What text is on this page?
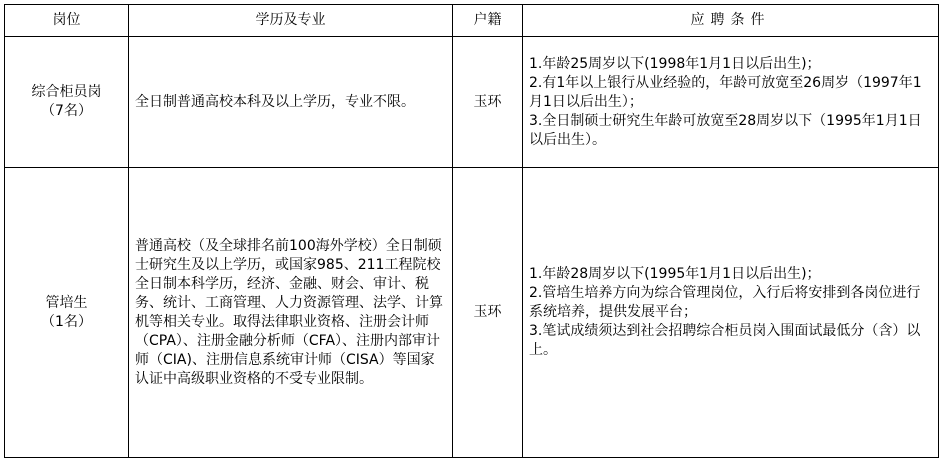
岗位	学历及专业	户籍	应聘条件

综合柜员岗
（7名）	全日制普通高校本科及以上学历，专业不限。	玉环	1.年龄25周岁以下(1998年1月1日以后出生)；
2.有1年以上银行从业经验的，年龄可放宽至26周岁（1997年1月1日以后出生）；
3.全日制硕士研究生年龄可放宽至28周岁以下（1995年1月1日以后出生）。

管培生
（1名）	普通高校（及全球排名前100海外学校）全日制硕士研究生及以上学历，或国家985、211工程院校全日制本科学历，经济、金融、财会、审计、税务、统计、工商管理、人力资源管理、法学、计算机等相关专业。取得法律职业资格、注册会计师（CPA）、注册金融分析师（CFA）、注册内部审计师（CIA)、注册信息系统审计师（CISA）等国家认证中高级职业资格的不受专业限制。	玉环	1.年龄28周岁以下(1995年1月1日以后出生)；
2.管培生培养方向为综合管理岗位，入行后将安排到各岗位进行系统培养，提供发展平台；
3.笔试成绩须达到社会招聘综合柜员岗入围面试最低分（含）以上。
